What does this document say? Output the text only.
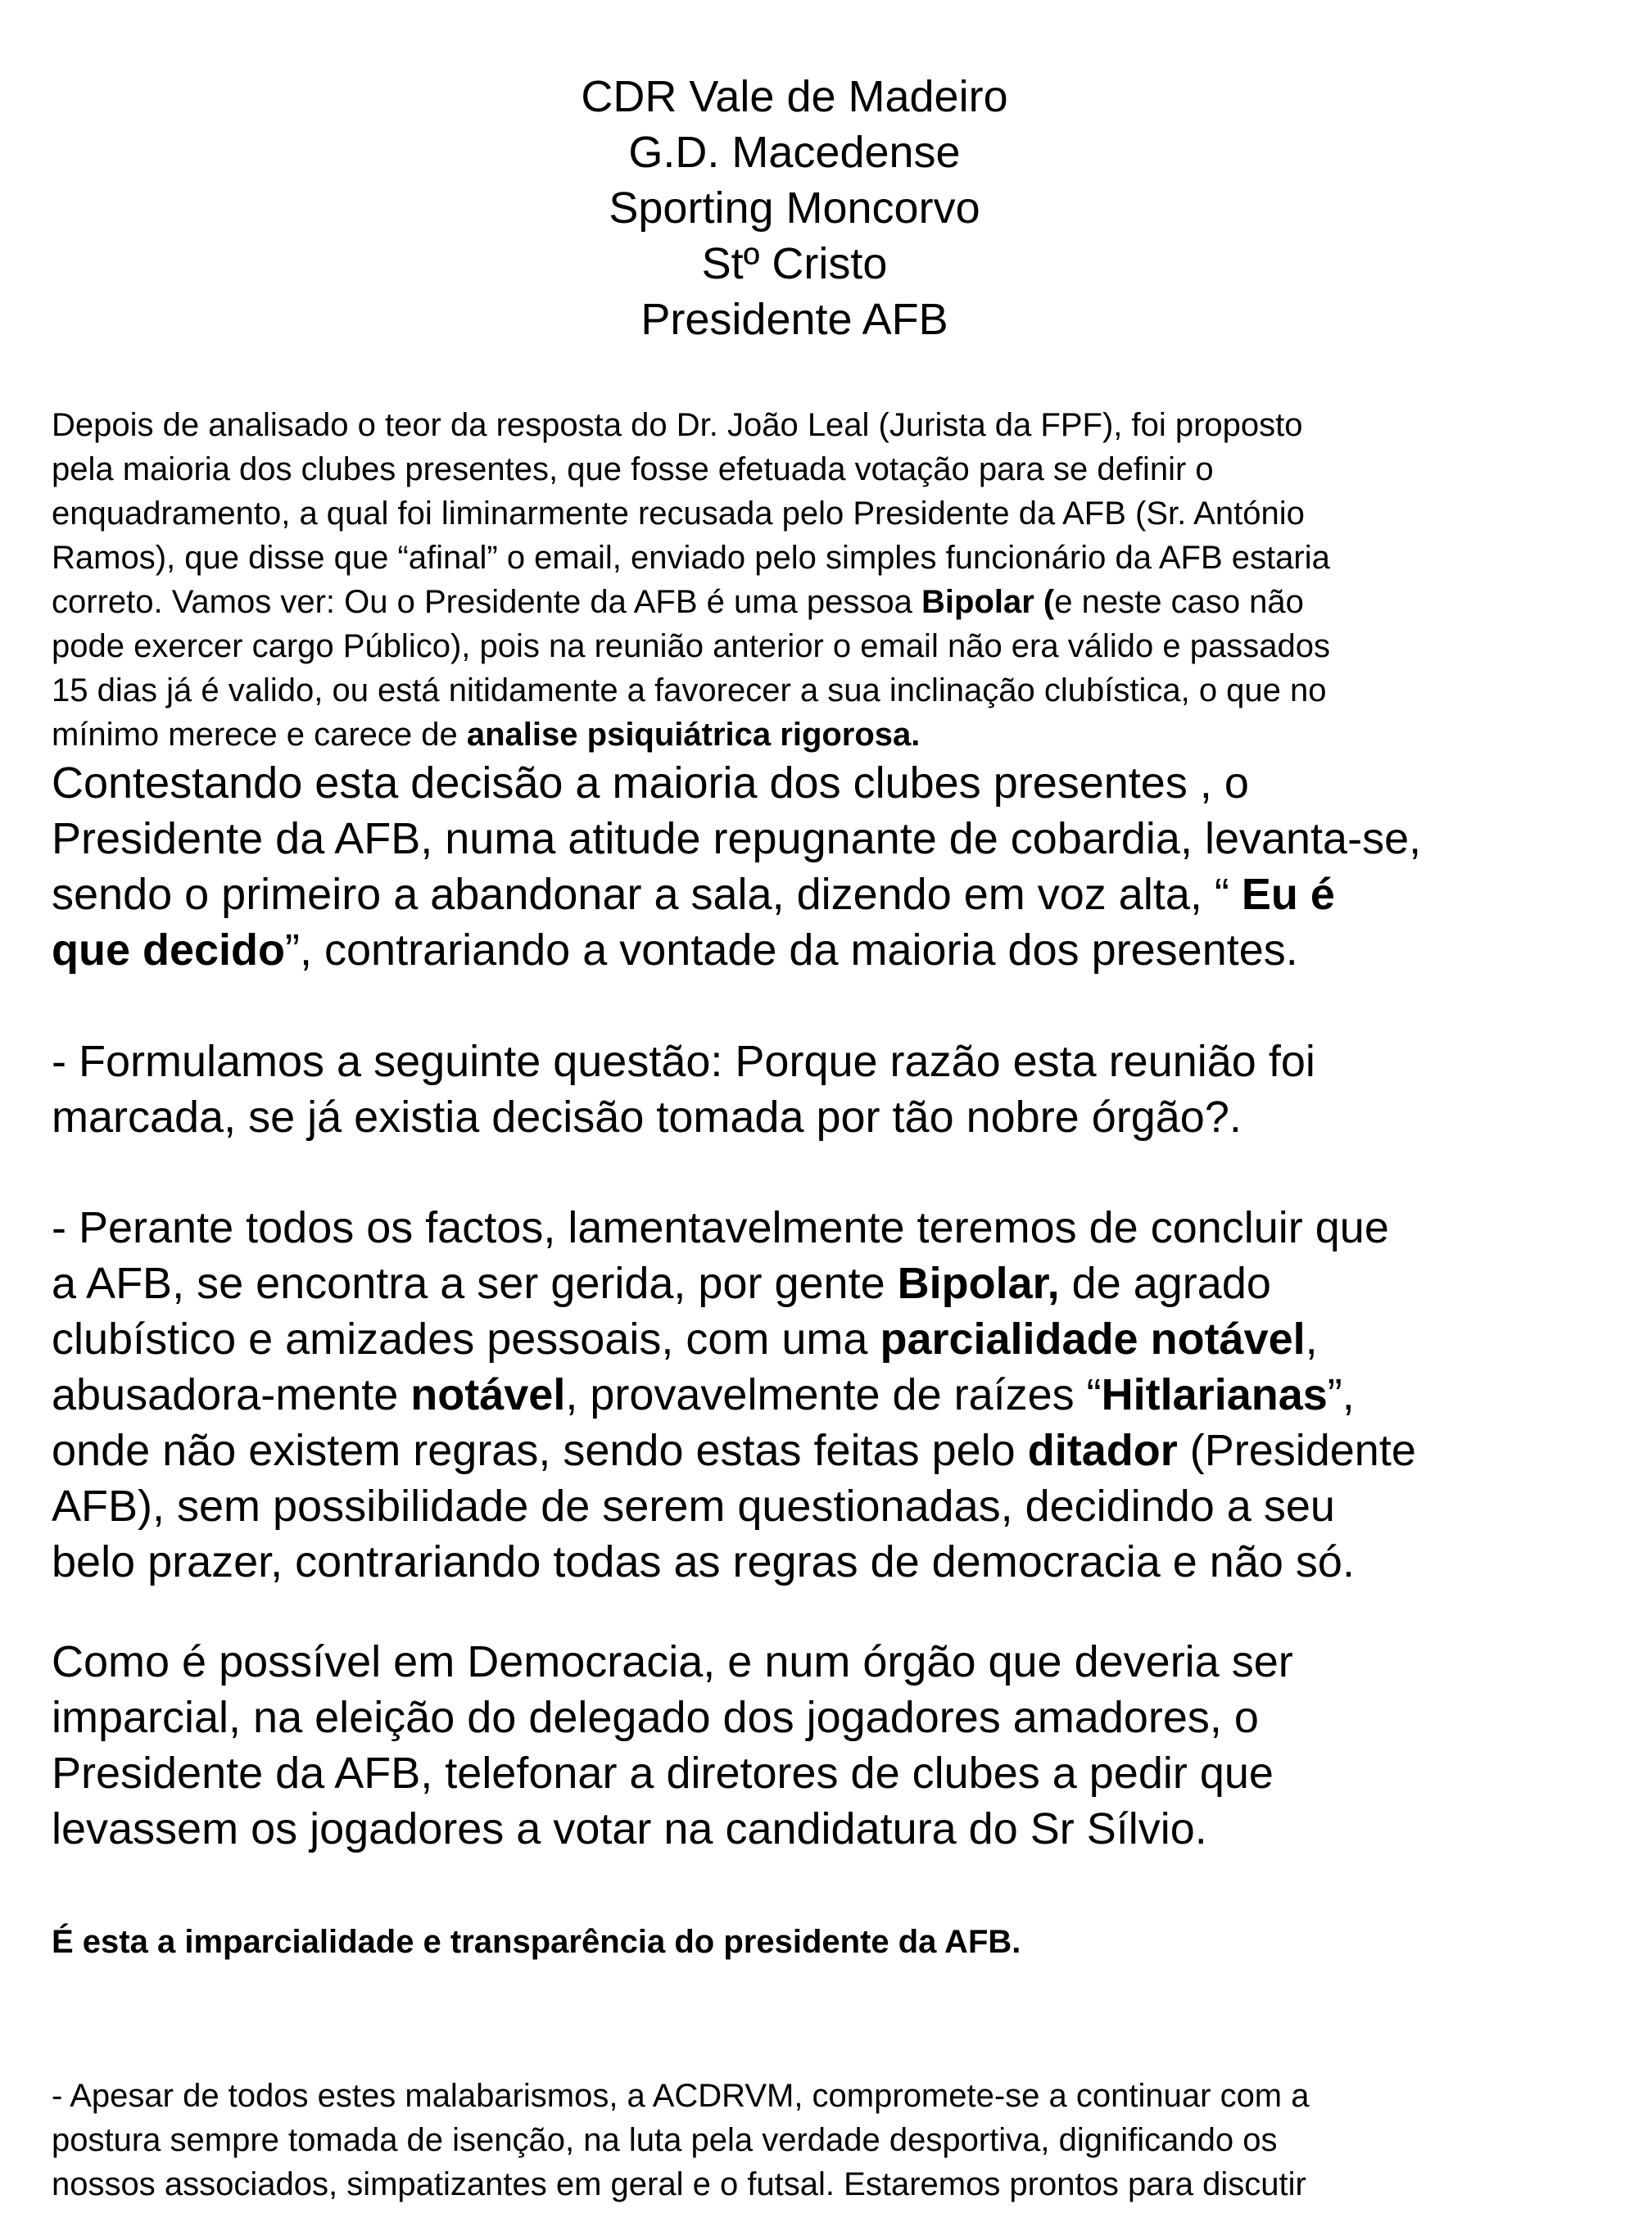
CDR Vale de Madeiro
G.D. Macedense
Sporting Moncorvo
Stº Cristo
Presidente AFB
Depois de analisado o teor da resposta do Dr. João Leal (Jurista da FPF), foi proposto
pela maioria dos clubes presentes, que fosse efetuada votação para se definir o
enquadramento, a qual foi liminarmente recusada pelo Presidente da AFB (Sr. António
Ramos), que disse que “afinal” o email, enviado pelo simples funcionário da AFB estaria
correto. Vamos ver: Ou o Presidente da AFB é uma pessoa Bipolar (e neste caso não
pode exercer cargo Público), pois na reunião anterior o email não era válido e passados
15 dias já é valido, ou está nitidamente a favorecer a sua inclinação clubística, o que no
mínimo merece e carece de analise psiquiátrica rigorosa.
Contestando esta decisão a maioria dos clubes presentes , o
Presidente da AFB, numa atitude repugnante de cobardia, levanta-se,
sendo o primeiro a abandonar a sala, dizendo em voz alta, “ Eu é
que decido”, contrariando a vontade da maioria dos presentes.
- Formulamos a seguinte questão: Porque razão esta reunião foi
marcada, se já existia decisão tomada por tão nobre órgão?.
- Perante todos os factos, lamentavelmente teremos de concluir que
a AFB, se encontra a ser gerida, por gente Bipolar, de agrado
clubístico e amizades pessoais, com uma parcialidade notável,
abusadora-mente notável, provavelmente de raízes “Hitlarianas”,
onde não existem regras, sendo estas feitas pelo ditador (Presidente
AFB), sem possibilidade de serem questionadas, decidindo a seu
belo prazer, contrariando todas as regras de democracia e não só.
Como é possível em Democracia, e num órgão que deveria ser
imparcial, na eleição do delegado dos jogadores amadores, o
Presidente da AFB, telefonar a diretores de clubes a pedir que
levassem os jogadores a votar na candidatura do Sr Sílvio.
É esta a imparcialidade e transparência do presidente da AFB.
- Apesar de todos estes malabarismos, a ACDRVM, compromete-se a continuar com a
postura sempre tomada de isenção, na luta pela verdade desportiva, dignificando os
nossos associados, simpatizantes em geral e o futsal. Estaremos prontos para discutir
